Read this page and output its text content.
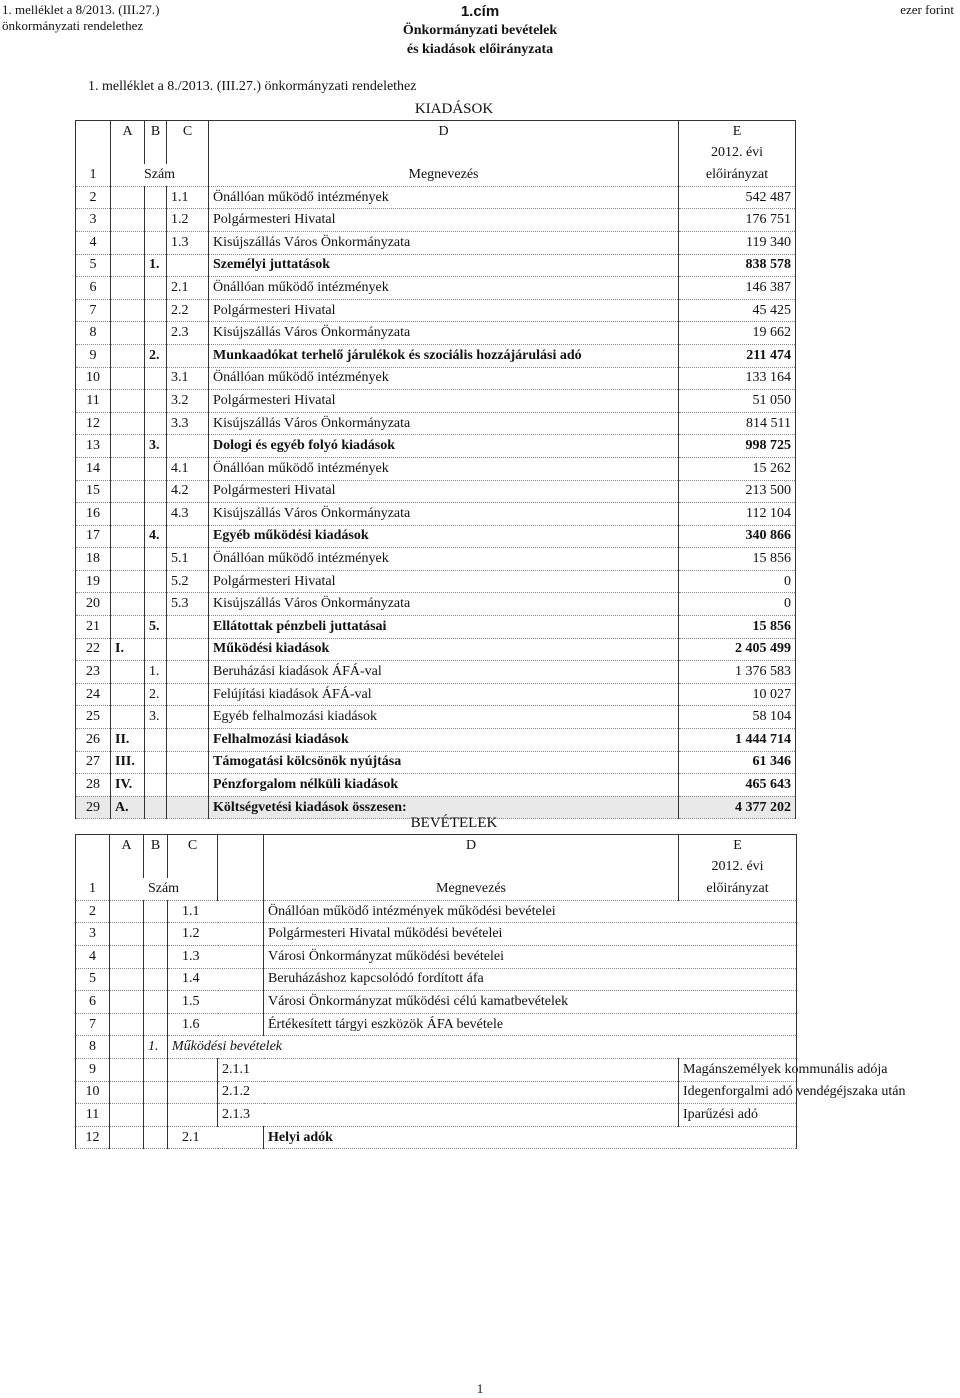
1. melléklet a 8/2013. (III.27.)
önkormányzati rendelethez
1.cím
Önkormányzati bevételek
és kiadások előirányzata
ezer forint
1. melléklet a 8./2013. (III.27.) önkormányzati rendelethez
KIADÁSOK
	A	B	C	D	E
					2012. évi
1	Szám			Megnevezés	előirányzat
2			1.1	Önállóan működő intézmények	542 487
3			1.2	Polgármesteri Hivatal	176 751
4			1.3	Kisújszállás Város Önkormányzata	119 340
5		1.		Személyi juttatások	838 578
6			2.1	Önállóan működő intézmények	146 387
7			2.2	Polgármesteri Hivatal	45 425
8			2.3	Kisújszállás Város Önkormányzata	19 662
9		2.		Munkaadókat terhelő járulékok és szociális hozzájárulási adó	211 474
10			3.1	Önállóan működő intézmények	133 164
11			3.2	Polgármesteri Hivatal	51 050
12			3.3	Kisújszállás Város Önkormányzata	814 511
13		3.		Dologi és egyéb folyó kiadások	998 725
14			4.1	Önállóan működő intézmények	15 262
15			4.2	Polgármesteri Hivatal	213 500
16			4.3	Kisújszállás Város Önkormányzata	112 104
17		4.		Egyéb működési kiadások	340 866
18			5.1	Önállóan működő intézmények	15 856
19			5.2	Polgármesteri Hivatal	0
20			5.3	Kisújszállás Város Önkormányzata	0
21		5.		Ellátottak pénzbeli juttatásai	15 856
22	I.			Működési kiadások	2 405 499
23		1.		Beruházási kiadások ÁFÁ-val	1 376 583
24		2.		Felújítási kiadások ÁFÁ-val	10 027
25		3.		Egyéb felhalmozási kiadások	58 104
26	II.			Felhalmozási kiadások	1 444 714
27	III.			Támogatási kölcsönök nyújtása	61 346
28	IV.			Pénzforgalom nélküli kiadások	465 643
29	A.			Költségvetési kiadások összesen:	4 377 202
BEVÉTELEK
	A	B	C		D	E	
						2012. évi	
1	Szám				Megnevezés	előirányzat	
2			1.1		Önállóan működő intézmények működési bevételei	
3			1.2		Polgármesteri Hivatal működési bevételei	
4			1.3		Városi Önkormányzat működési bevételei	
5			1.4		Beruházáshoz kapcsolódó fordított áfa	
6			1.5		Városi Önkormányzat működési célú kamatbevételek	
7			1.6		Értékesített tárgyi eszközök ÁFA bevétele	
8		1.	Működési bevételek	
9				2.1.1		Magánszemélyek kommunális adója	
10				2.1.2		Idegenforgalmi adó vendégéjszaka után	
11				2.1.3		Iparűzési adó	
12			2.1		Helyi adók	
1
